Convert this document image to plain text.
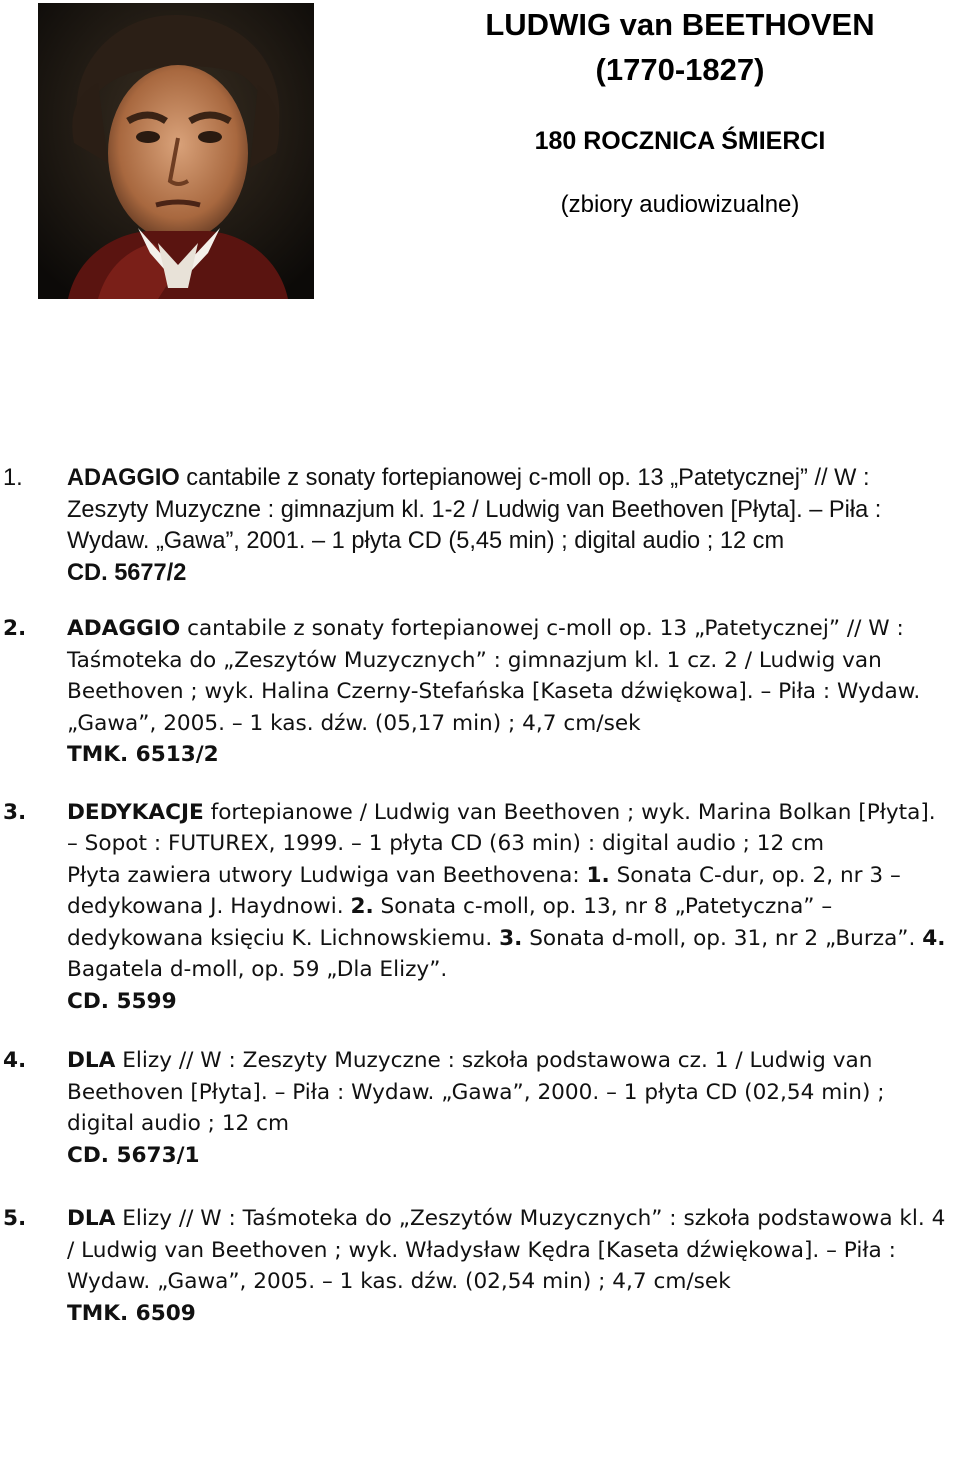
LUDWIG van BEETHOVEN
(1770-1827)
180 ROCZNICA ŚMIERCI
(zbiory audiowizualne)
1.	ADAGGIO cantabile z sonaty fortepianowej c-moll op. 13 „Patetycznej” // W : Zeszyty Muzyczne : gimnazjum kl. 1-2 / Ludwig van Beethoven [Płyta]. – Piła : Wydaw. „Gawa”, 2001. – 1 płyta CD (5,45 min) ; digital audio ; 12 cm
CD. 5677/2
2.	ADAGGIO cantabile z sonaty fortepianowej c-moll op. 13 „Patetycznej” // W : Taśmoteka do „Zeszytów Muzycznych” : gimnazjum kl. 1 cz. 2 / Ludwig van Beethoven ; wyk. Halina Czerny-Stefańska [Kaseta dźwiękowa]. – Piła : Wydaw. „Gawa”, 2005. – 1 kas. dźw. (05,17 min) ; 4,7 cm/sek
TMK. 6513/2
3.	DEDYKACJE fortepianowe / Ludwig van Beethoven ; wyk. Marina Bolkan [Płyta]. – Sopot : FUTUREX, 1999. – 1 płyta CD (63 min) : digital audio ; 12 cm
Płyta zawiera utwory Ludwiga van Beethovena: 1. Sonata C-dur, op. 2, nr 3 – dedykowana J. Haydnowi. 2. Sonata c-moll, op. 13, nr 8 „Patetyczna” – dedykowana księciu K. Lichnowskiemu. 3. Sonata d-moll, op. 31, nr 2 „Burza”. 4. Bagatela d-moll, op. 59 „Dla Elizy”.
CD. 5599
4.	DLA Elizy // W : Zeszyty Muzyczne : szkoła podstawowa cz. 1 / Ludwig van Beethoven [Płyta]. – Piła : Wydaw. „Gawa”, 2000. – 1 płyta CD (02,54 min) ; digital audio ; 12 cm
CD. 5673/1
5.	DLA Elizy // W : Taśmoteka do „Zeszytów Muzycznych” : szkoła podstawowa kl. 4 / Ludwig van Beethoven ; wyk. Władysław Kędra [Kaseta dźwiękowa]. – Piła : Wydaw. „Gawa”, 2005. – 1 kas. dźw. (02,54 min) ; 4,7 cm/sek
TMK. 6509
